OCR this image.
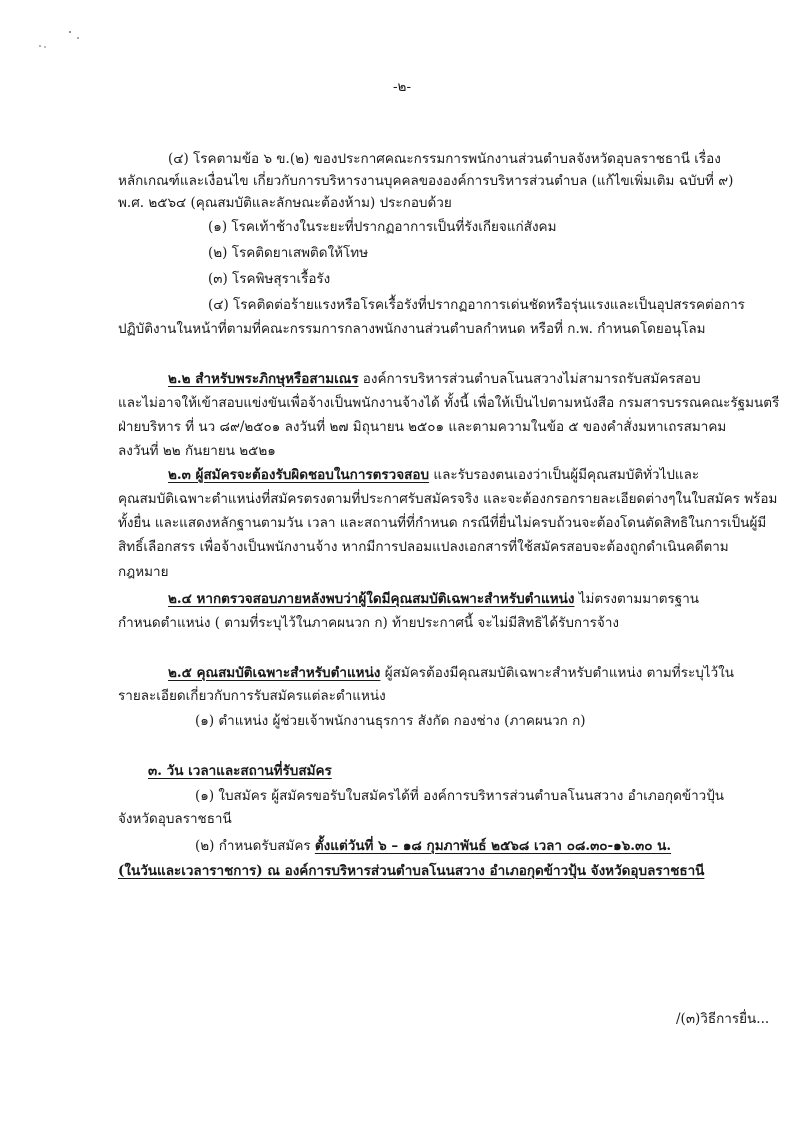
-๒-
(๔) โรคตามข้อ ๖ ข.(๒) ของประกาศคณะกรรมการพนักงานส่วนตำบลจังหวัดอุบลราชธานี เรื่อง
หลักเกณฑ์และเงื่อนไข เกี่ยวกับการบริหารงานบุคคลขององค์การบริหารส่วนตำบล (แก้ไขเพิ่มเติม ฉบับที่ ๙)
พ.ศ. ๒๕๖๔ (คุณสมบัติและลักษณะต้องห้าม) ประกอบด้วย
(๑) โรคเท้าช้างในระยะที่ปรากฏอาการเป็นที่รังเกียจแก่สังคม
(๒) โรคติดยาเสพติดให้โทษ
(๓) โรคพิษสุราเรื้อรัง
(๔) โรคติดต่อร้ายแรงหรือโรคเรื้อรังที่ปรากฏอาการเด่นชัดหรือรุ่นแรงและเป็นอุปสรรคต่อการ
ปฏิบัติงานในหน้าที่ตามที่คณะกรรมการกลางพนักงานส่วนตำบลกำหนด หรือที่ ก.พ. กำหนดโดยอนุโลม
๒.๒ สำหรับพระภิกษุหรือสามเณร องค์การบริหารส่วนตำบลโนนสวางไม่สามารถรับสมัครสอบ
และไม่อาจให้เข้าสอบแข่งขันเพื่อจ้างเป็นพนักงานจ้างได้ ทั้งนี้ เพื่อให้เป็นไปตามหนังสือ กรมสารบรรณคณะรัฐมนตรี
ฝ่ายบริหาร ที่ นว ๘๙/๒๕๐๑ ลงวันที่ ๒๗ มิถุนายน ๒๕๐๑ และตามความในข้อ ๕ ของคำสั่งมหาเถรสมาคม
ลงวันที่ ๒๒ กันยายน ๒๕๒๑
๒.๓ ผู้สมัครจะต้องรับผิดชอบในการตรวจสอบ และรับรองตนเองว่าเป็นผู้มีคุณสมบัติทั่วไปและ
คุณสมบัติเฉพาะตำแหน่งที่สมัครตรงตามที่ประกาศรับสมัครจริง และจะต้องกรอกรายละเอียดต่างๆในใบสมัคร พร้อม
ทั้งยื่น และแสดงหลักฐานตามวัน เวลา และสถานที่ที่กำหนด กรณีที่ยื่นไม่ครบถ้วนจะต้องโดนตัดสิทธิในการเป็นผู้มี
สิทธิ์เลือกสรร เพื่อจ้างเป็นพนักงานจ้าง หากมีการปลอมแปลงเอกสารที่ใช้สมัครสอบจะต้องถูกดำเนินคดีตาม
กฎหมาย
๒.๔ หากตรวจสอบภายหลังพบว่าผู้ใดมีคุณสมบัติเฉพาะสำหรับตำแหน่ง ไม่ตรงตามมาตรฐาน
กำหนดตำแหน่ง ( ตามที่ระบุไว้ในภาคผนวก ก) ท้ายประกาศนี้ จะไม่มีสิทธิได้รับการจ้าง
๒.๕ คุณสมบัติเฉพาะสำหรับตำแหน่ง ผู้สมัครต้องมีคุณสมบัติเฉพาะสำหรับตำแหน่ง ตามที่ระบุไว้ใน
รายละเอียดเกี่ยวกับการรับสมัครแต่ละตำแหน่ง
(๑) ตำแหน่ง ผู้ช่วยเจ้าพนักงานธุรการ สังกัด กองช่าง (ภาคผนวก ก)
๓. วัน เวลาและสถานที่รับสมัคร
(๑) ใบสมัคร ผู้สมัครขอรับใบสมัครได้ที่ องค์การบริหารส่วนตำบลโนนสวาง อำเภอกุดข้าวปุ้น
จังหวัดอุบลราชธานี
(๒) กำหนดรับสมัคร ตั้งแต่วันที่ ๖ – ๑๘ กุมภาพันธ์ ๒๕๖๘ เวลา ๐๘.๓๐-๑๖.๓๐ น.
(ในวันและเวลาราชการ) ณ องค์การบริหารส่วนตำบลโนนสวาง อำเภอกุดข้าวปุ้น จังหวัดอุบลราชธานี
/(๓)วิธีการยื่น...
